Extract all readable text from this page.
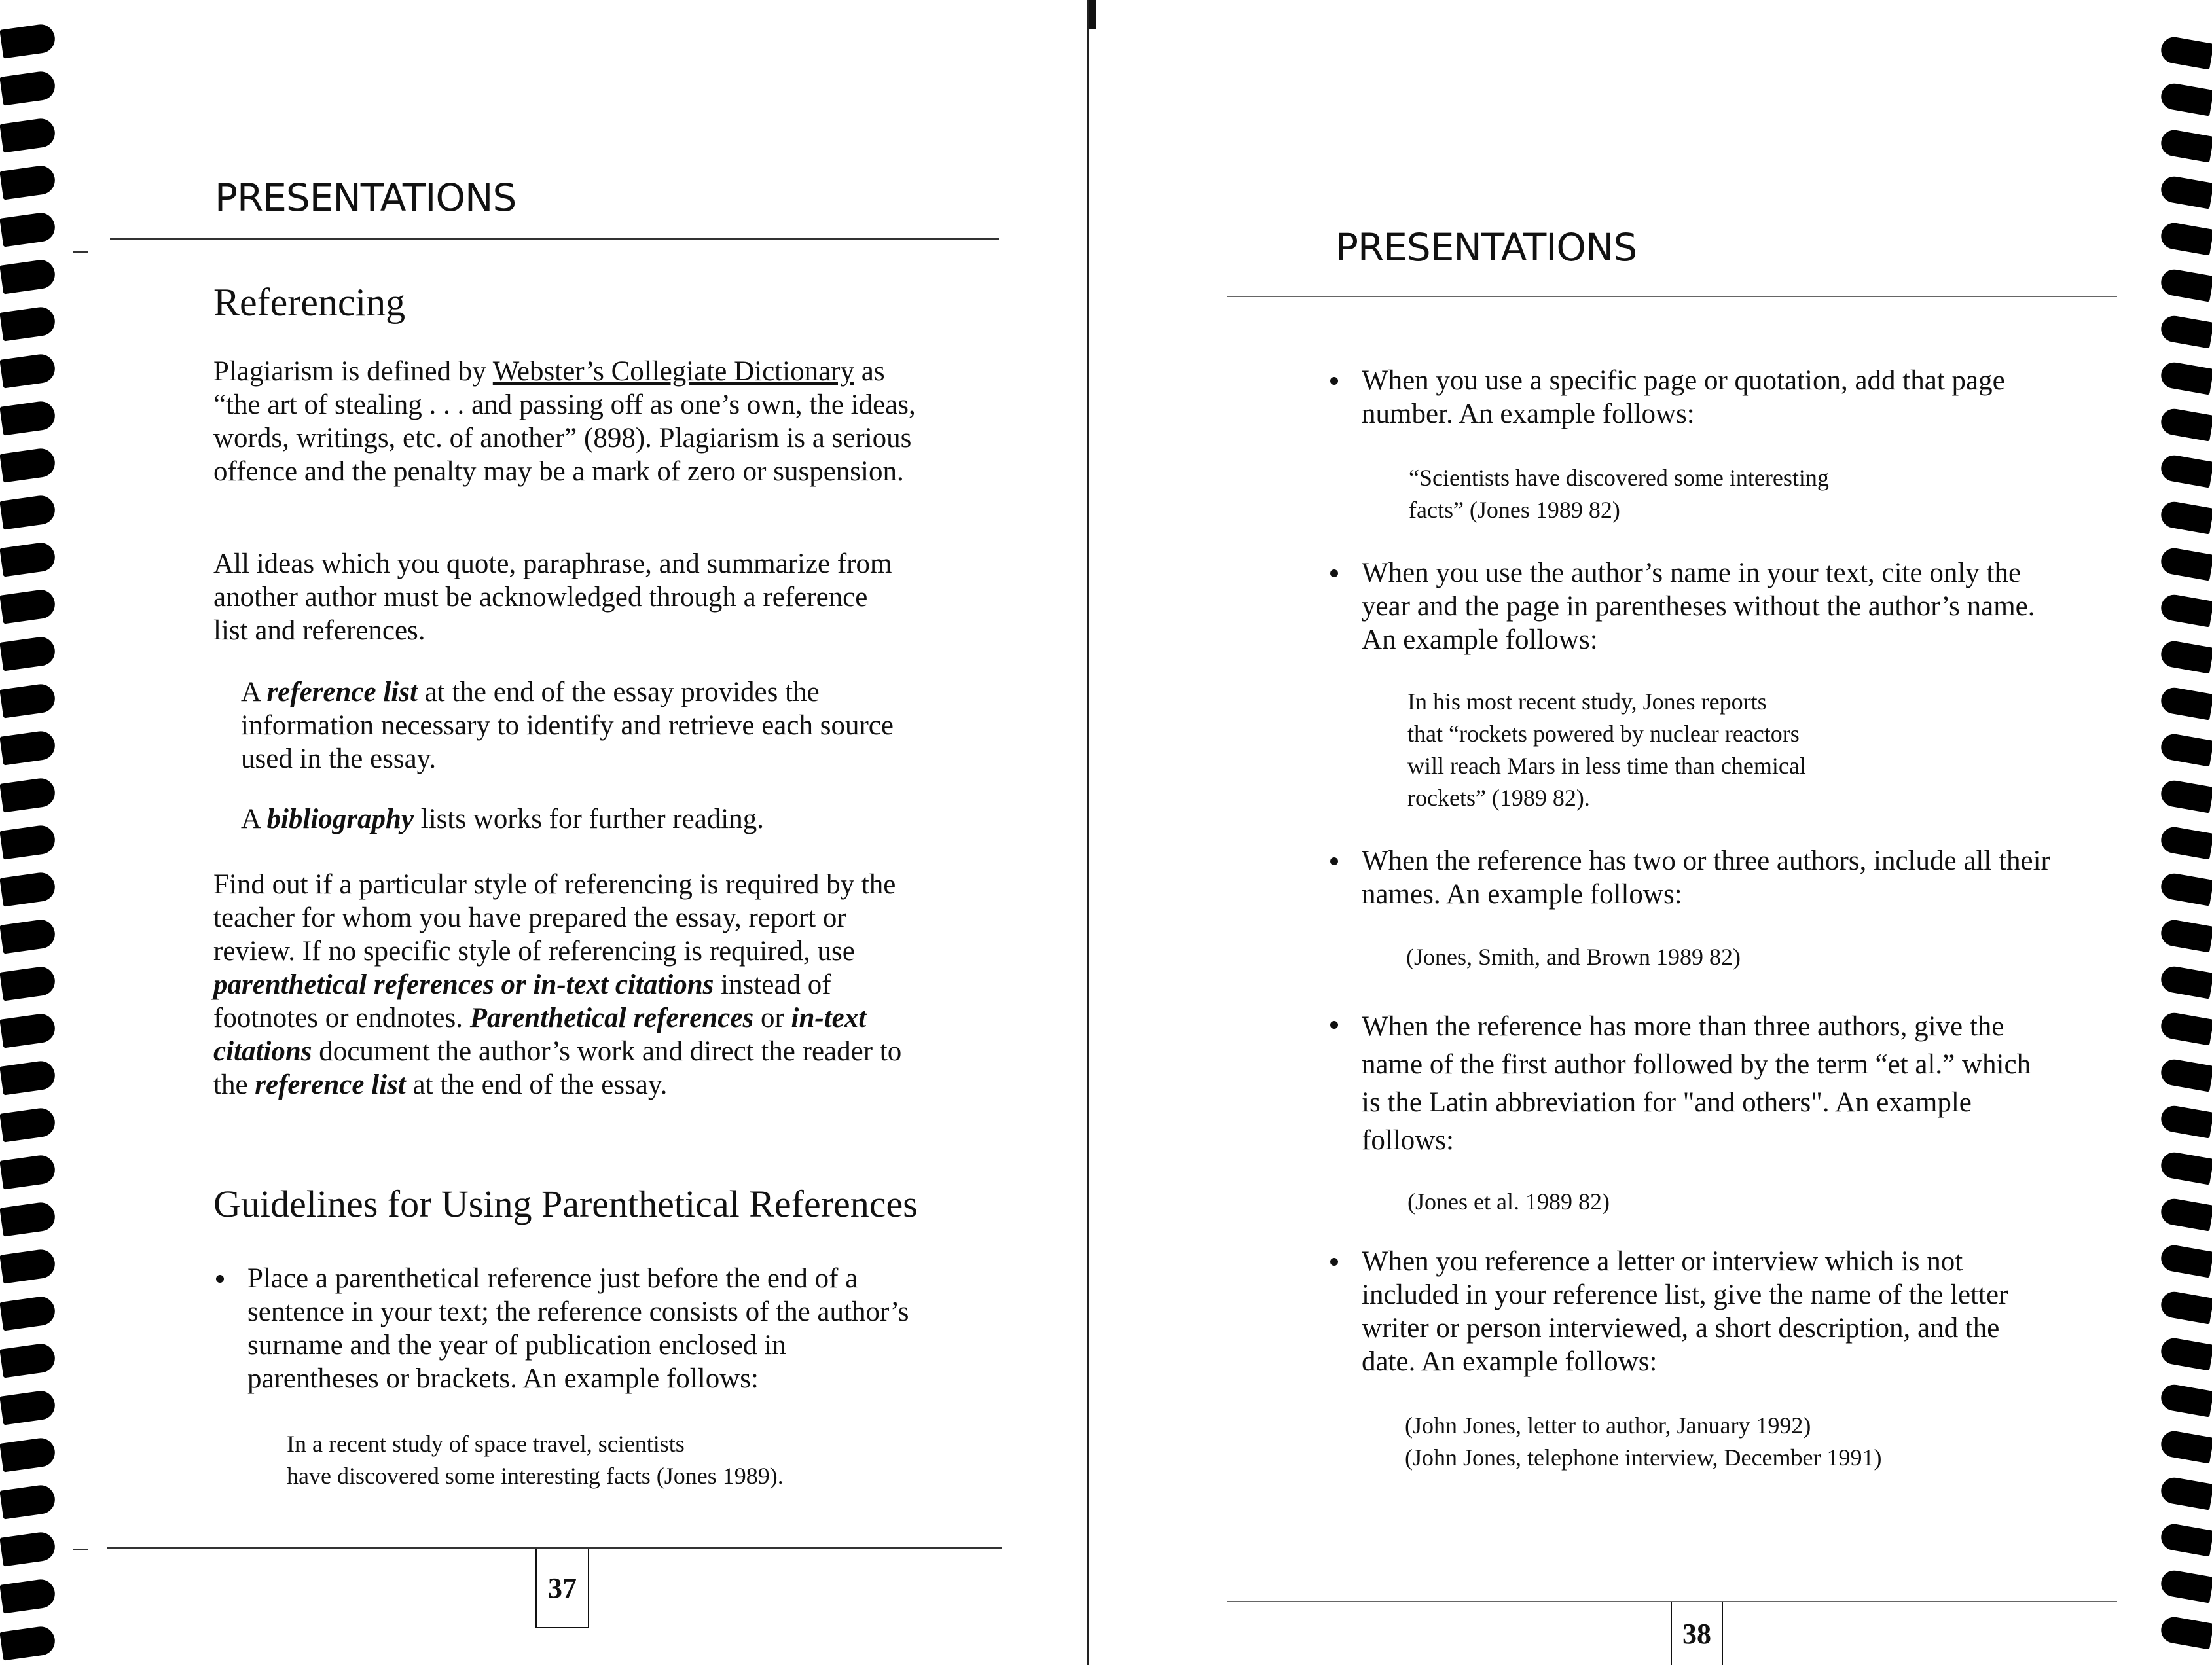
PRESENTATIONS
Referencing

Plagiarism is defined by Webster’s Collegiate Dictionary as “the art of stealing . . . and passing off as one’s own, the ideas, words, writings, etc. of another” (898). Plagiarism is a serious offence and the penalty may be a mark of zero or suspension.

All ideas which you quote, paraphrase, and summarize from another author must be acknowledged through a reference list and references.

A reference list at the end of the essay provides the information necessary to identify and retrieve each source used in the essay.

A bibliography lists works for further reading.

Find out if a particular style of referencing is required by the teacher for whom you have prepared the essay, report or review. If no specific style of referencing is required, use parenthetical references or in-text citations instead of footnotes or endnotes. Parenthetical references or in-text citations document the author’s work and direct the reader to the reference list at the end of the essay.

Guidelines for Using Parenthetical References

Place a parenthetical reference just before the end of a sentence in your text; the reference consists of the author’s surname and the year of publication enclosed in parentheses or brackets. An example follows:

In a recent study of space travel, scientists
have discovered some interesting facts (Jones 1989).

37
PRESENTATIONS

When you use a specific page or quotation, add that page number. An example follows:

“Scientists have discovered some interesting
facts” (Jones 1989 82)

When you use the author’s name in your text, cite only the year and the page in parentheses without the author’s name. An example follows:

In his most recent study, Jones reports
that “rockets powered by nuclear reactors
will reach Mars in less time than chemical
rockets” (1989 82).

When the reference has two or three authors, include all their names. An example follows:

(Jones, Smith, and Brown 1989 82)

When the reference has more than three authors, give the name of the first author followed by the term “et al.” which is the Latin abbreviation for "and others". An example follows:

(Jones et al. 1989 82)

When you reference a letter or interview which is not included in your reference list, give the name of the letter writer or person interviewed, a short description, and the date. An example follows:

(John Jones, letter to author, January 1992)
(John Jones, telephone interview, December 1991)

38
